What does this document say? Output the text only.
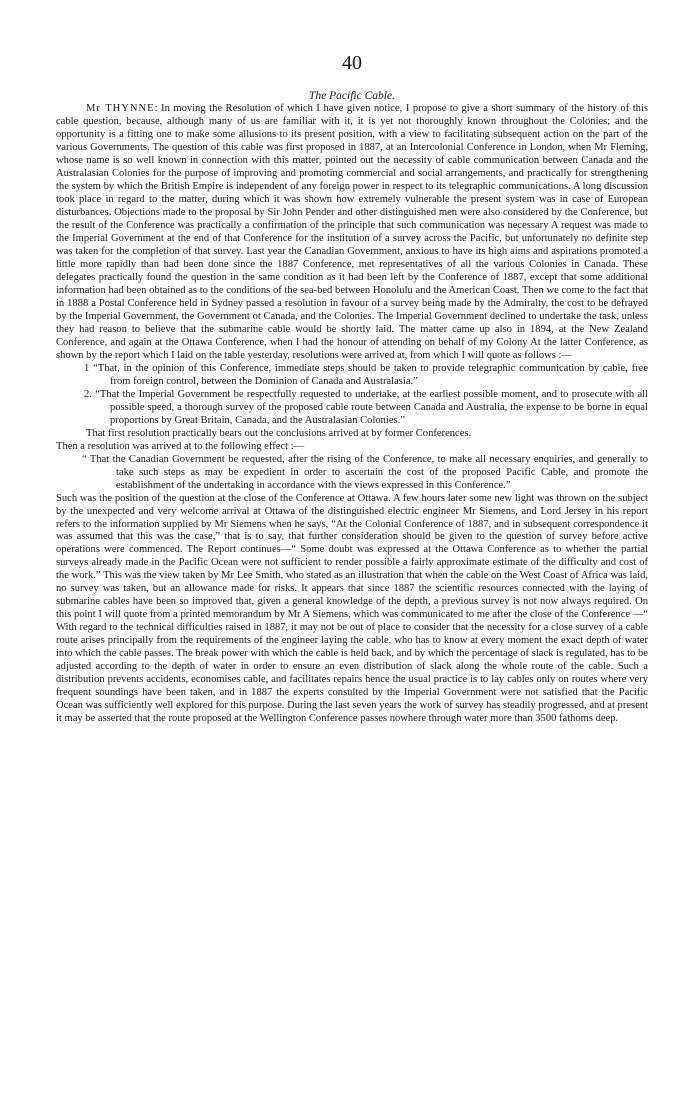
40
The Pacific Cable.

Mr THYNNE: In moving the Resolution of which I have given notice, I propose to give a short summary of the history of this cable question, because, although many of us are familiar with it, it is yet not thoroughly known throughout the Colonies; and the opportunity is a fitting one to make some allusions to its present position, with a view to facilitating subsequent action on the part of the various Governments. The question of this cable was first proposed in 1887, at an Intercolonial Conference in London, when Mr Fleming, whose name is so well known in connection with this matter, pointed out the necessity of cable communication between Canada and the Australasian Colonies for the purpose of improving and promoting commercial and social arrangements, and practically for strengthening the system by which the British Empire is independent of any foreign power in respect to its telegraphic communications. A long discussion took place in regard to the matter, during which it was shown how extremely vulnerable the present system was in case of European disturbances. Objections made to the proposal by Sir John Pender and other distinguished men were also considered by the Conference, but the result of the Conference was practically a confirmation of the principle that such communication was necessary A request was made to the Imperial Government at the end of that Conference for the institution of a survey across the Pacific, but unfortunately no definite step was taken for the completion of that survey. Last year the Canadian Government, anxious to have its high aims and aspirations promoted a little more rapidly than had been done since the 1887 Conference, met representatives of all the various Colonies in Canada. These delegates practically found the question in the same condition as it had been left by the Conference of 1887, except that some additional information had been obtained as to the conditions of the sea-bed between Honolulu and the American Coast. Then we come to the fact that in 1888 a Postal Conference held in Sydney passed a resolution in favour of a survey being made by the Admiralty, the cost to be defrayed by the Imperial Government, the Government ot Canada, and the Colonies. The Imperial Government declined to undertake the task, unless they had reason to believe that the submarine cable would be shortly laid. The matter came up also in 1894, at the New Zealand Conference, and again at the Ottawa Conference, when I had the honour of attending on behalf of my Colony At the latter Conference, as shown by the report which I laid on the table yesterday, resolutions were arrived at, from which I will quote as follows :—

1 “That, in the opinion of this Conference, immediate steps should be taken to provide telegraphic communication by cable, free from foreign control, between the Dominion of Canada and Australasia.”

2. “That the Imperial Government be respectfully requested to undertake, at the earliest possible moment, and to prosecute with all possible speed, a thorough survey of the proposed cable route between Canada and Australia, the expense to be borne in equal proportions by Great Britain, Canada, and the Australasian Colonies.”

That first resolution practically bears out the conclusions arrived at by former Conferences.

Then a resolution was arrived at to the following effect :—

“ That the Canadian Government be requested, after the rising of the Conference, to make all necessary enquiries, and generally to take such steps as may be expedient in order to ascertain the cost of the proposed Pacific Cable, and promote the establishment of the undertaking in accordance with the views expressed in this Conference.”

Such was the position of the question at the close of the Conference at Ottawa. A few hours later some new light was thrown on the subject by the unexpected and very welcome arrival at Ottawa of the distinguished electric engineer Mr Siemens, and Lord Jersey in his report refers to the information supplied by Mr Siemens when he says, “At the Colonial Conference of 1887, and in subsequent correspondence it was assumed that this was the case,” that is to say, that further consideration should be given to the question of survey before active operations were commenced. The Report continues—“ Some doubt was expressed at the Ottawa Conference as to whether the partial surveys already made in the Pacific Ocean were not sufficient to render possible a fairly approximate estimate of the difficulty and cost of the work.” This was the view taken by Mr Lee Smith, who stated as an illustration that when the cable on the West Coast of Africa was laid, no survey was taken, but an allowance made for risks. It appears that since 1887 the scientific resources connected with the laying of submarine cables have been so improved that, given a general knowledge of the depth, a previous survey is not now always required. On this point I will quote from a printed memorandum by Mr A Siemens, which was communicated to me after the close of the Conference —“ With regard to the technical difficulties raised in 1887, it may not be out of place to consider that the necessity for a close survey of a cable route arises principally from the requirements of the engineer laying the cable, who has to know at every moment the exact depth of water into which the cable passes. The break power with which the cable is held back, and by which the percentage of slack is regulated, has to be adjusted according to the depth of water in order to ensure an even distribution of slack along the whole route of the cable. Such a distribution prevents accidents, economises cable, and facilitates repairs hence the usual practice is to lay cables only on routes where very frequent soundings have been taken, and in 1887 the experts consulted by the Imperial Government were not satisfied that the Pacific Ocean was sufficiently well explored for this purpose. During the last seven years the work of survey has steadily progressed, and at present it may be asserted that the route proposed at the Wellington Conference passes nowhere through water more than 3500 fathoms deep.
